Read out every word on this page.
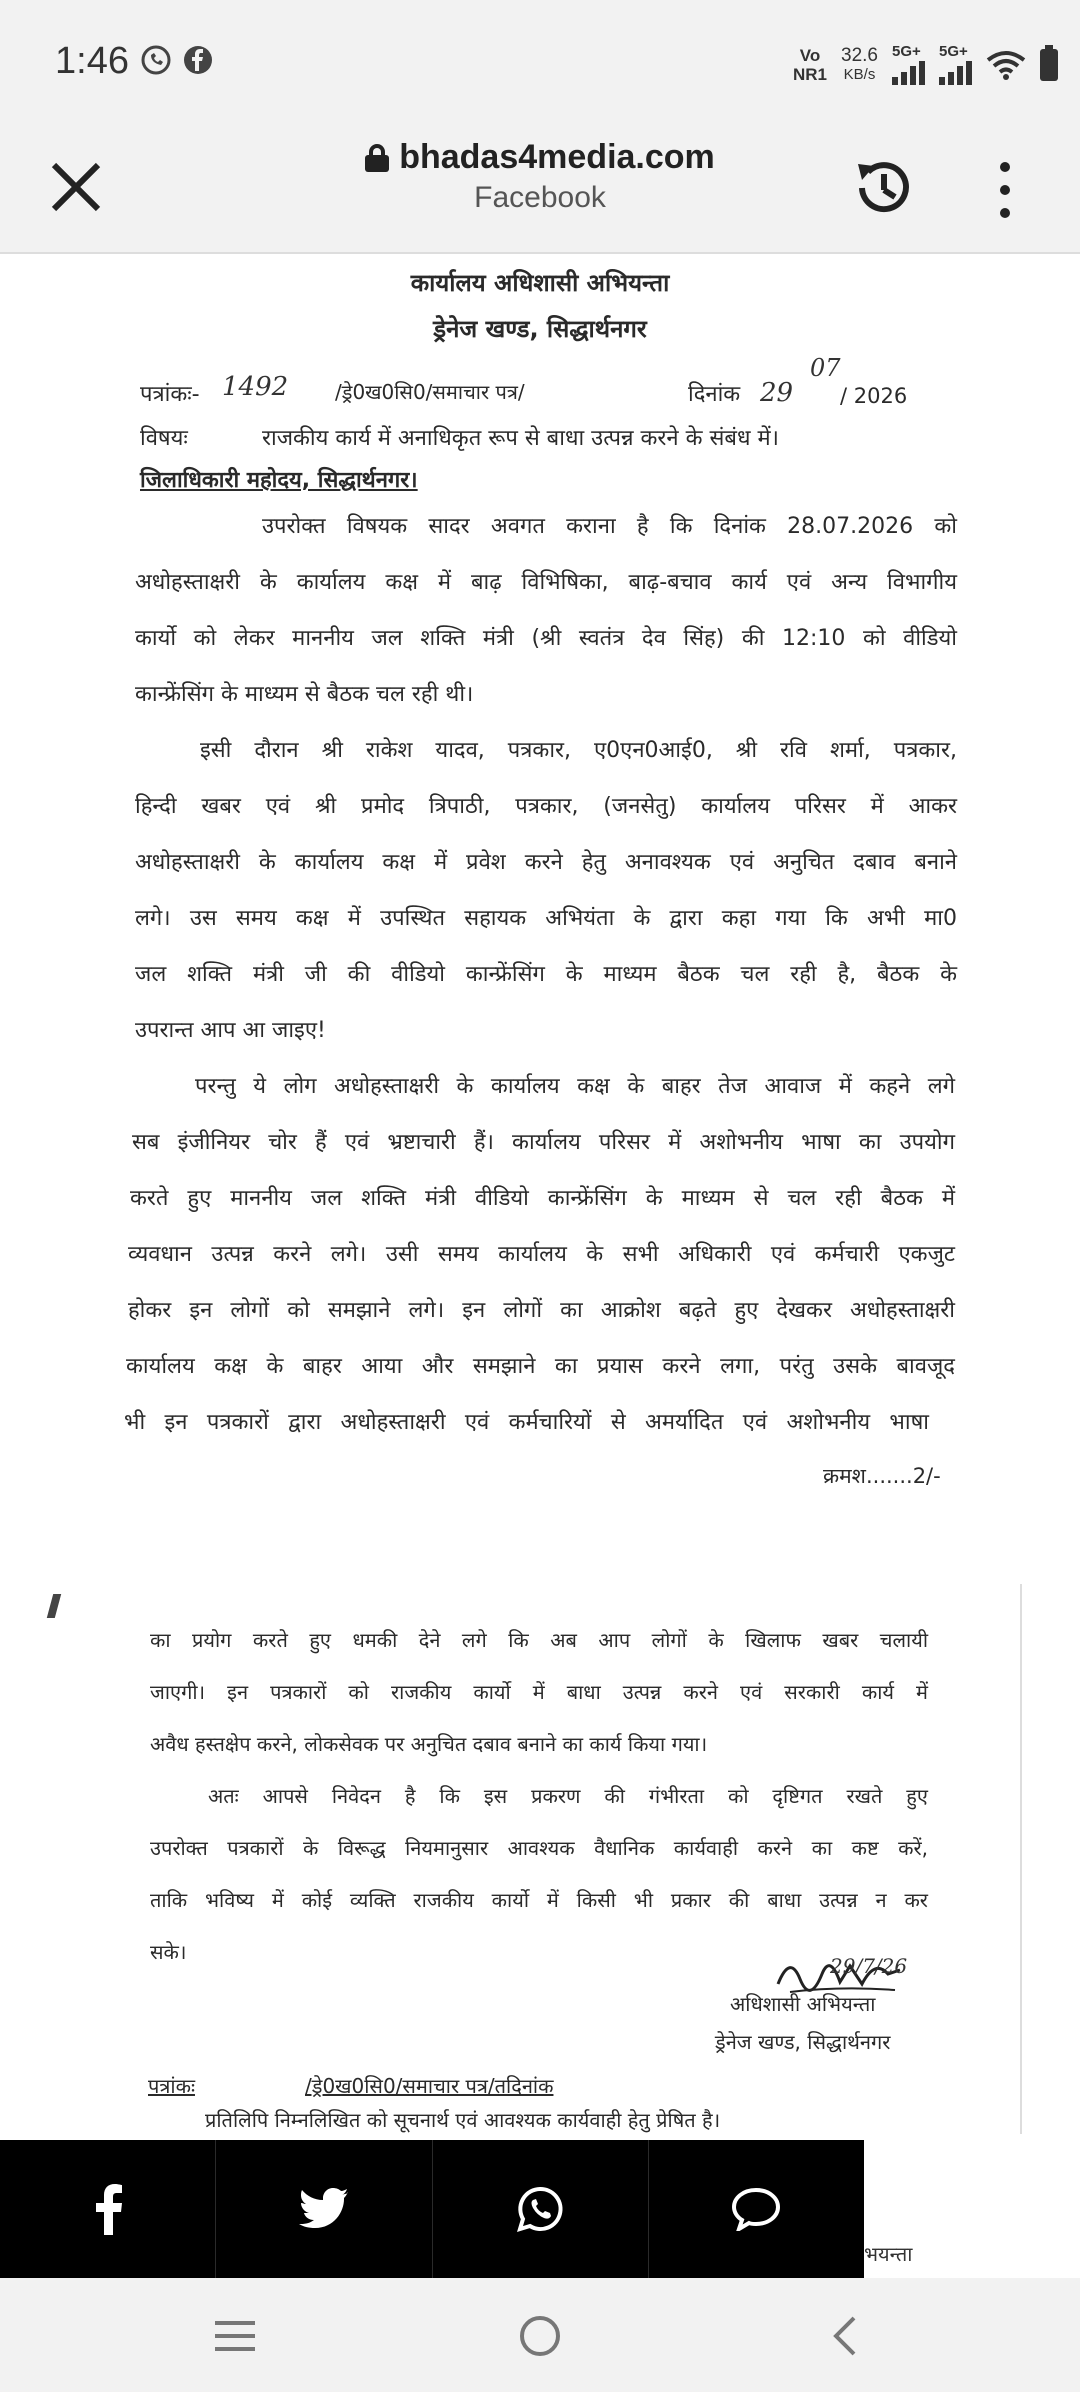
1:46	Vo
NR1
32.6
KB/s
5G+ 5G+
bhadas4media.com
Facebook
कार्यालय अधिशासी अभियन्ता
ड्रेनेज खण्ड, सिद्धार्थनगर
पत्रांकः- 1492 /ड्रे0ख0सि0/समाचार पत्र/	दिनांक 29
07
/ 2026
विषयः	राजकीय कार्य में अनाधिकृत रूप से बाधा उत्पन्न करने के संबंध में।
जिलाधिकारी महोदय, सिद्धार्थनगर।
उपरोक्त विषयक सादर अवगत कराना है कि दिनांक 28.07.2026 को
अधोहस्ताक्षरी के कार्यालय कक्ष में बाढ़ विभिषिका, बाढ़-बचाव कार्य एवं अन्य विभागीय
कार्यो को लेकर माननीय जल शक्ति मंत्री (श्री स्वतंत्र देव सिंह) की 12:10 को वीडियो
कान्फ्रेंसिंग के माध्यम से बैठक चल रही थी।
इसी दौरान श्री राकेश यादव, पत्रकार, ए0एन0आई0, श्री रवि शर्मा, पत्रकार,
हिन्दी खबर एवं श्री प्रमोद त्रिपाठी, पत्रकार, (जनसेतु) कार्यालय परिसर में आकर
अधोहस्ताक्षरी के कार्यालय कक्ष में प्रवेश करने हेतु अनावश्यक एवं अनुचित दबाव बनाने
लगे। उस समय कक्ष में उपस्थित सहायक अभियंता के द्वारा कहा गया कि अभी मा0
जल शक्ति मंत्री जी की वीडियो कान्फ्रेंसिंग के माध्यम बैठक चल रही है, बैठक के
उपरान्त आप आ जाइए!
परन्तु ये लोग अधोहस्ताक्षरी के कार्यालय कक्ष के बाहर तेज आवाज में कहने लगे
सब इंजीनियर चोर हैं एवं भ्रष्टाचारी हैं। कार्यालय परिसर में अशोभनीय भाषा का उपयोग
करते हुए माननीय जल शक्ति मंत्री वीडियो कान्फ्रेंसिंग के माध्यम से चल रही बैठक में
व्यवधान उत्पन्न करने लगे। उसी समय कार्यालय के सभी अधिकारी एवं कर्मचारी एकजुट
होकर इन लोगों को समझाने लगे। इन लोगों का आक्रोश बढ़ते हुए देखकर अधोहस्ताक्षरी
कार्यालय कक्ष के बाहर आया और समझाने का प्रयास करने लगा, परंतु उसके बावजूद
भी इन पत्रकारों द्वारा अधोहस्ताक्षरी एवं कर्मचारियों से अमर्यादित एवं अशोभनीय भाषा
क्रमश.......2/-
का प्रयोग करते हुए धमकी देने लगे कि अब आप लोगों के खिलाफ खबर चलायी
जाएगी। इन पत्रकारों को राजकीय कार्यो में बाधा उत्पन्न करने एवं सरकारी कार्य में
अवैध हस्तक्षेप करने, लोकसेवक पर अनुचित दबाव बनाने का कार्य किया गया।
अतः आपसे निवेदन है कि इस प्रकरण की गंभीरता को दृष्टिगत रखते हुए
उपरोक्त पत्रकारों के विरूद्ध नियमानुसार आवश्यक वैधानिक कार्यवाही करने का कष्ट करें,
ताकि भविष्य में कोई व्यक्ति राजकीय कार्यो में किसी भी प्रकार की बाधा उत्पन्न न कर
सके।
29/7/26
अधिशासी अभियन्ता
ड्रेनेज खण्ड, सिद्धार्थनगर
पत्रांकः	/ड्रे0ख0सि0/समाचार पत्र/तदिनांक
प्रतिलिपि निम्नलिखित को सूचनार्थ एवं आवश्यक कार्यवाही हेतु प्रेषित है।
भयन्ता
